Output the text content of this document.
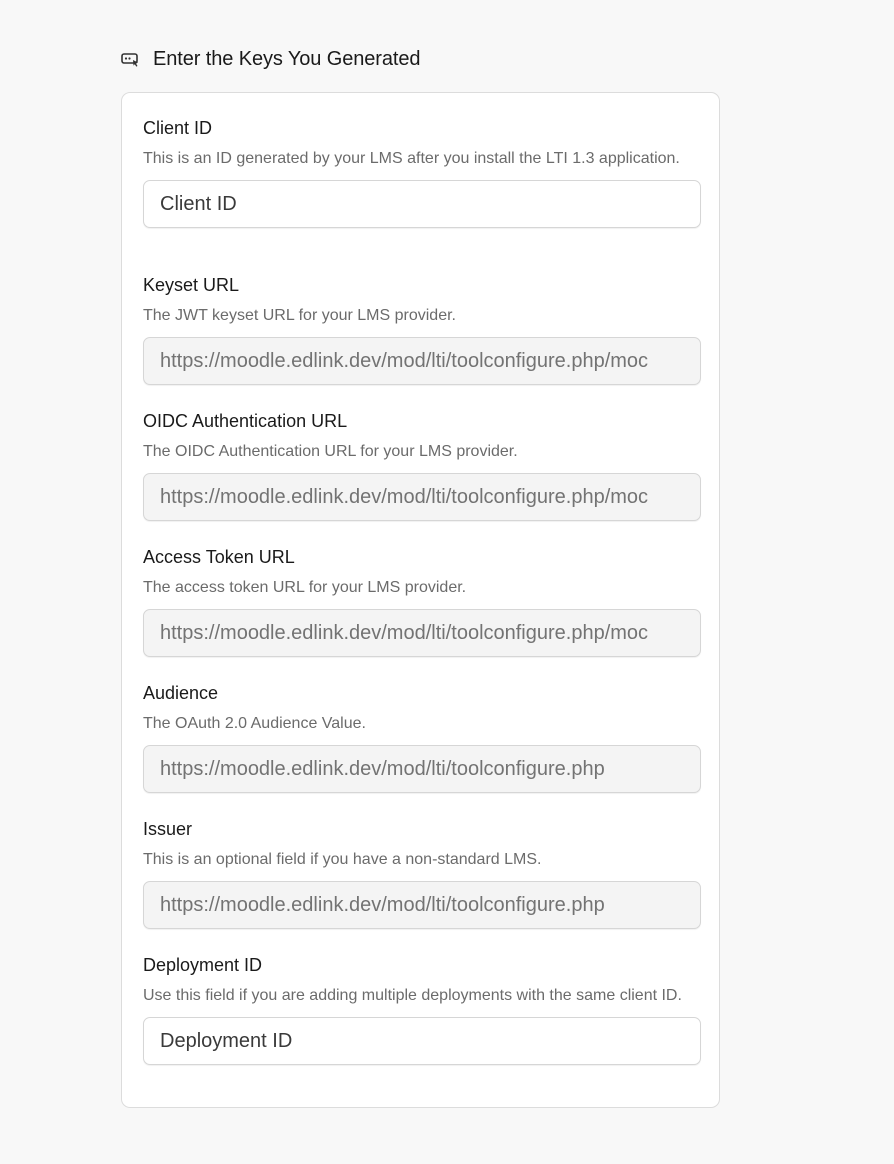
Enter the Keys You Generated
Client ID
This is an ID generated by your LMS after you install the LTI 1.3 application.
Client ID
Keyset URL
The JWT keyset URL for your LMS provider.
https://moodle.edlink.dev/mod/lti/toolconfigure.php/moc
OIDC Authentication URL
The OIDC Authentication URL for your LMS provider.
https://moodle.edlink.dev/mod/lti/toolconfigure.php/moc
Access Token URL
The access token URL for your LMS provider.
https://moodle.edlink.dev/mod/lti/toolconfigure.php/moc
Audience
The OAuth 2.0 Audience Value.
https://moodle.edlink.dev/mod/lti/toolconfigure.php
Issuer
This is an optional field if you have a non-standard LMS.
https://moodle.edlink.dev/mod/lti/toolconfigure.php
Deployment ID
Use this field if you are adding multiple deployments with the same client ID.
Deployment ID
